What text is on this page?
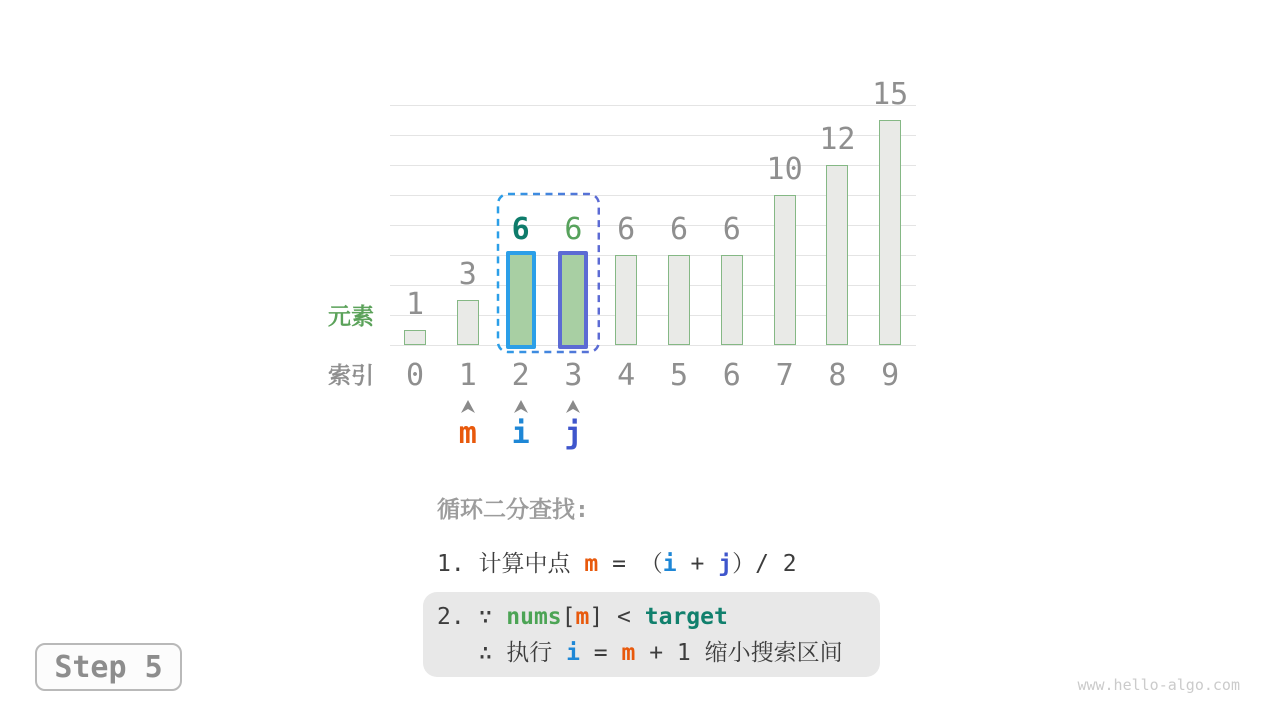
1
0
3
1
6
2
6
3
6
4
6
5
6
6
10
7
12
8
15
9
m	i	j
元素
索引
循环二分查找:
1. 计算中点 m = （i + j）/ 2
2. ∵ nums[m] < target
∴ 执行 i = m + 1 缩小搜索区间
Step 5
www.hello-algo.com
